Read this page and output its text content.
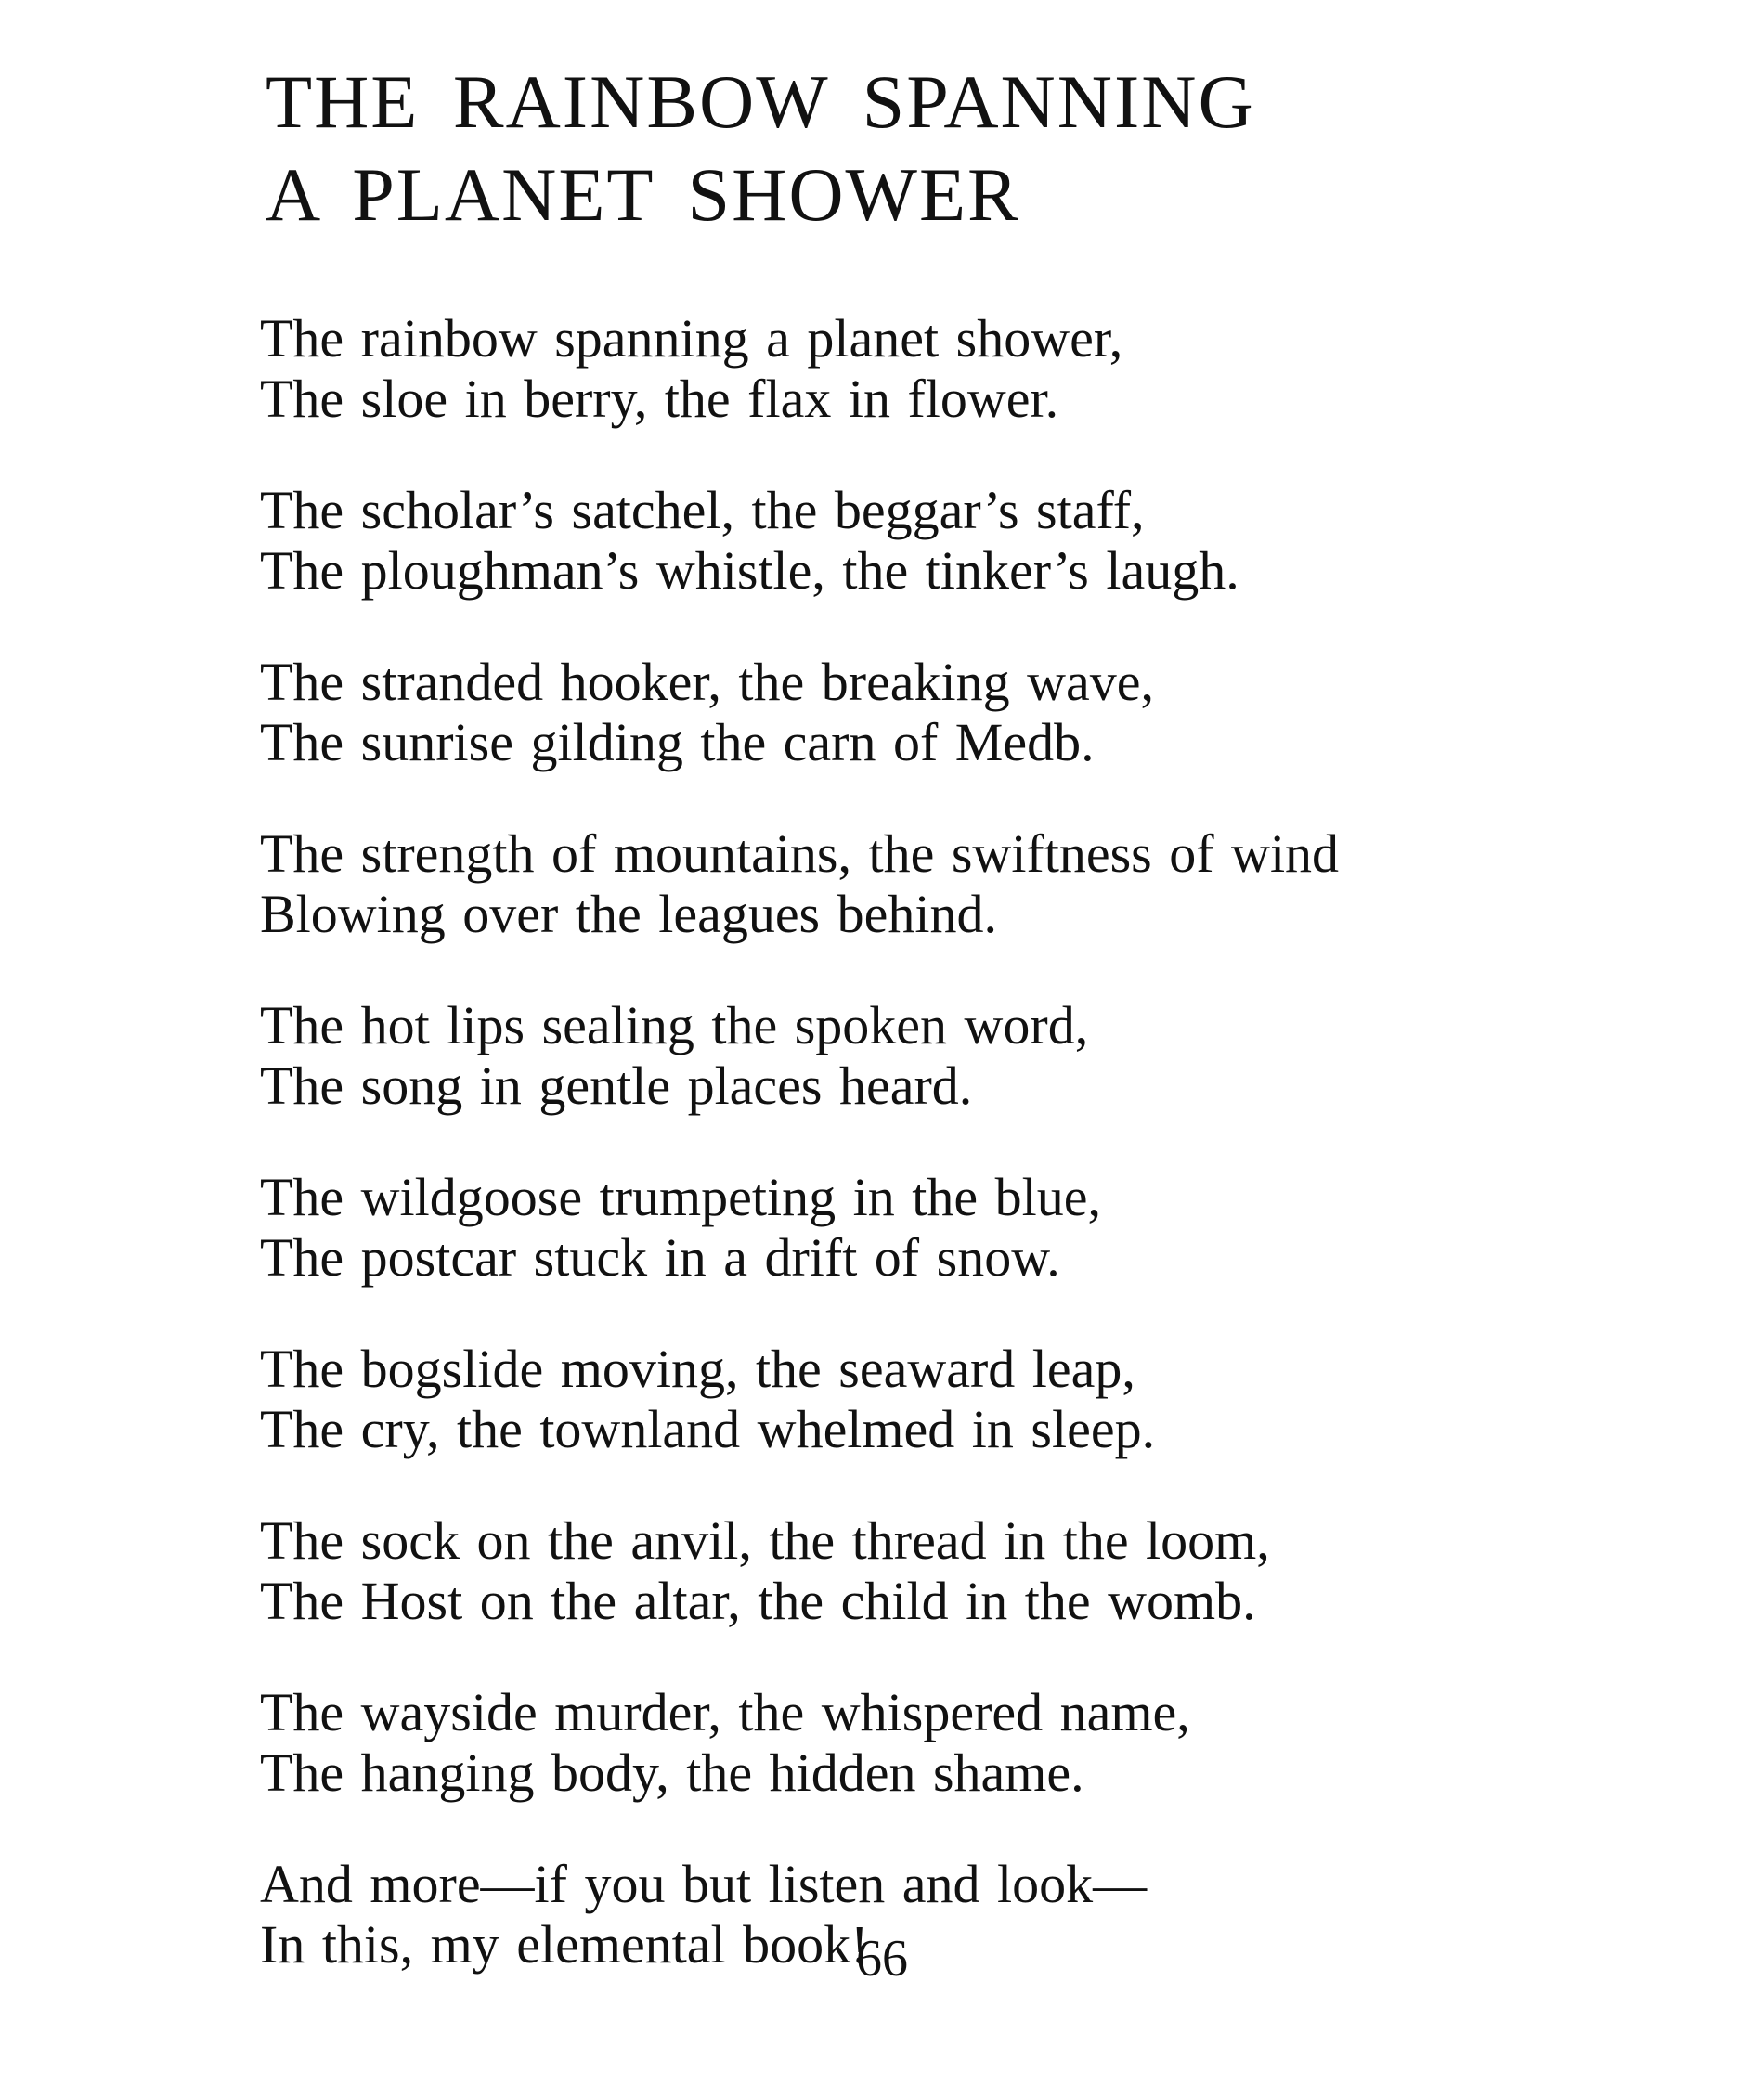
THE RAINBOW SPANNING
A PLANET SHOWER
The rainbow spanning a planet shower,
The sloe in berry, the flax in flower.
The scholar’s satchel, the beggar’s staff,
The ploughman’s whistle, the tinker’s laugh.
The stranded hooker, the breaking wave,
The sunrise gilding the carn of Medb.
The strength of mountains, the swiftness of wind
Blowing over the leagues behind.
The hot lips sealing the spoken word,
The song in gentle places heard.
The wildgoose trumpeting in the blue,
The postcar stuck in a drift of snow.
The bogslide moving, the seaward leap,
The cry, the townland whelmed in sleep.
The sock on the anvil, the thread in the loom,
The Host on the altar, the child in the womb.
The wayside murder, the whispered name,
The hanging body, the hidden shame.
And more—if you but listen and look—
In this, my elemental book!
66
